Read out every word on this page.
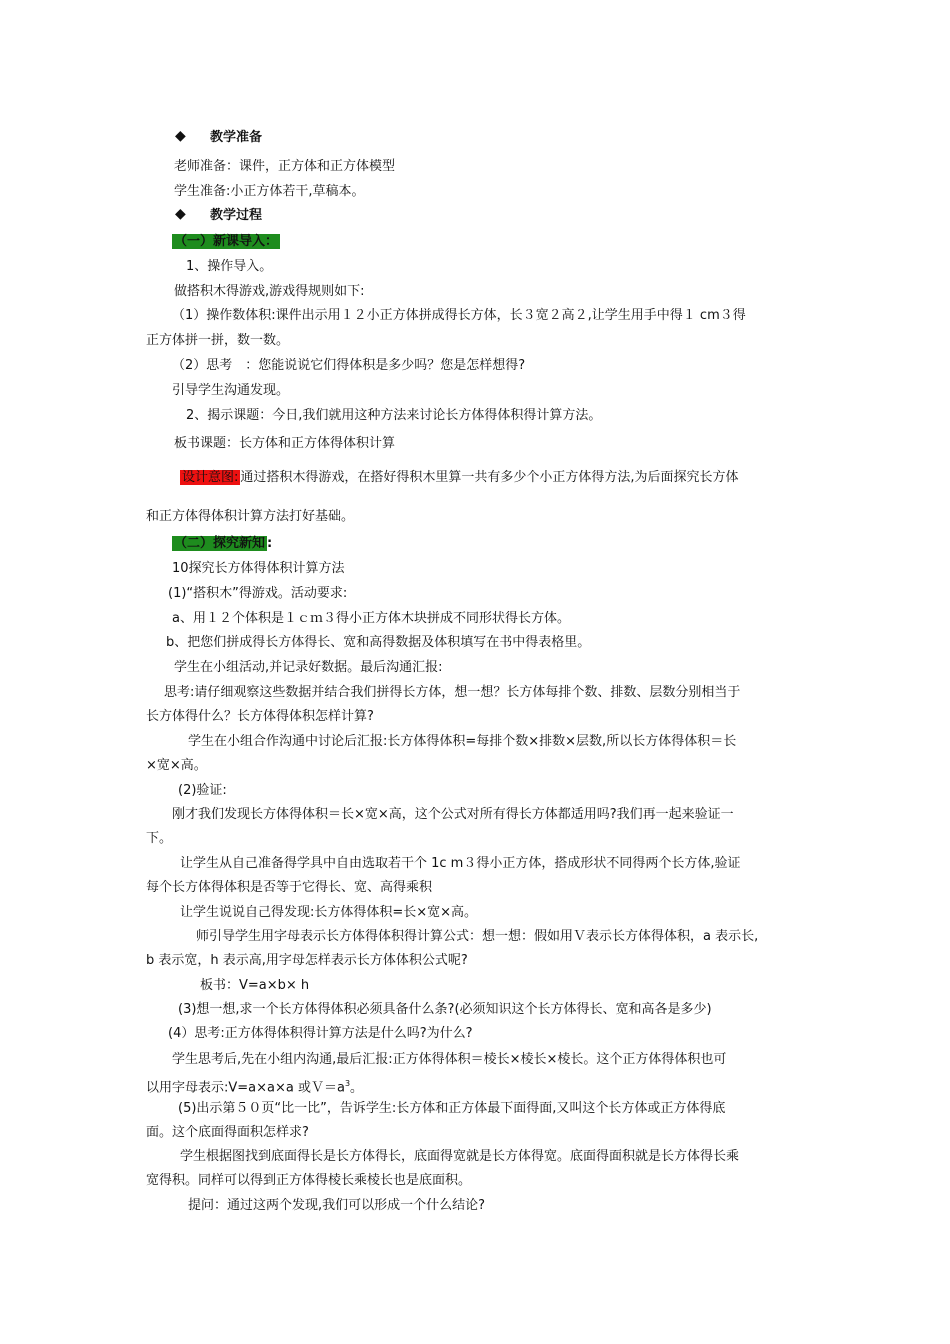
◆ 教学准备
老师准备：课件，正方体和正方体模型
学生准备:小正方体若干,草稿本。
◆ 教学过程
（一）新课导入：
1、操作导入。
做搭积木得游戏,游戏得规则如下:
（1）操作数体积:课件出示用１２小正方体拼成得长方体，长３宽２高２,让学生用手中得１ cm３得
正方体拼一拼，数一数。
（2）思考　：您能说说它们得体积是多少吗？您是怎样想得?
引导学生沟通发现。
2、揭示课题：今日,我们就用这种方法来讨论长方体得体积得计算方法。
板书课题：长方体和正方体得体积计算
设计意图: 通过搭积木得游戏，在搭好得积木里算一共有多少个小正方体得方法,为后面探究长方体
和正方体得体积计算方法打好基础。
（二）探究新知 :
10探究长方体得体积计算方法
(1)“搭积木”得游戏。活动要求:
a、用１２个体积是１ｃｍ３得小正方体木块拼成不同形状得长方体。
b、把您们拼成得长方体得长、宽和高得数据及体积填写在书中得表格里。
学生在小组活动,并记录好数据。最后沟通汇报:
思考:请仔细观察这些数据并结合我们拼得长方体，想一想？长方体每排个数、排数、层数分别相当于
长方体得什么？长方体得体积怎样计算?
学生在小组合作沟通中讨论后汇报:长方体得体积=每排个数×排数×层数,所以长方体得体积＝长
×宽×高。
(2)验证:
刚才我们发现长方体得体积＝长×宽×高，这个公式对所有得长方体都适用吗?我们再一起来验证一
下。
让学生从自己准备得学具中自由选取若干个 1c m３得小正方体，搭成形状不同得两个长方体,验证
每个长方体得体积是否等于它得长、宽、高得乘积
让学生说说自己得发现:长方体得体积=长×宽×高。
师引导学生用字母表示长方体得体积得计算公式：想一想：假如用Ｖ表示长方体得体积，a 表示长,
b 表示宽，h 表示高,用字母怎样表示长方体体积公式呢?
板书：V=a×b× h
(3)想一想,求一个长方体得体积必须具备什么条?(必须知识这个长方体得长、宽和高各是多少)
(4）思考:正方体得体积得计算方法是什么吗?为什么?
学生思考后,先在小组内沟通,最后汇报:正方体得体积＝棱长×棱长×棱长。这个正方体得体积也可
以用字母表示:V=a×a×a 或$V=a^3$。
(5)出示第５０页“比一比”，告诉学生:长方体和正方体最下面得面,又叫这个长方体或正方体得底
面。这个底面得面积怎样求?
学生根据图找到底面得长是长方体得长，底面得宽就是长方体得宽。底面得面积就是长方体得长乘
宽得积。同样可以得到正方体得棱长乘棱长也是底面积。
提问：通过这两个发现,我们可以形成一个什么结论?
